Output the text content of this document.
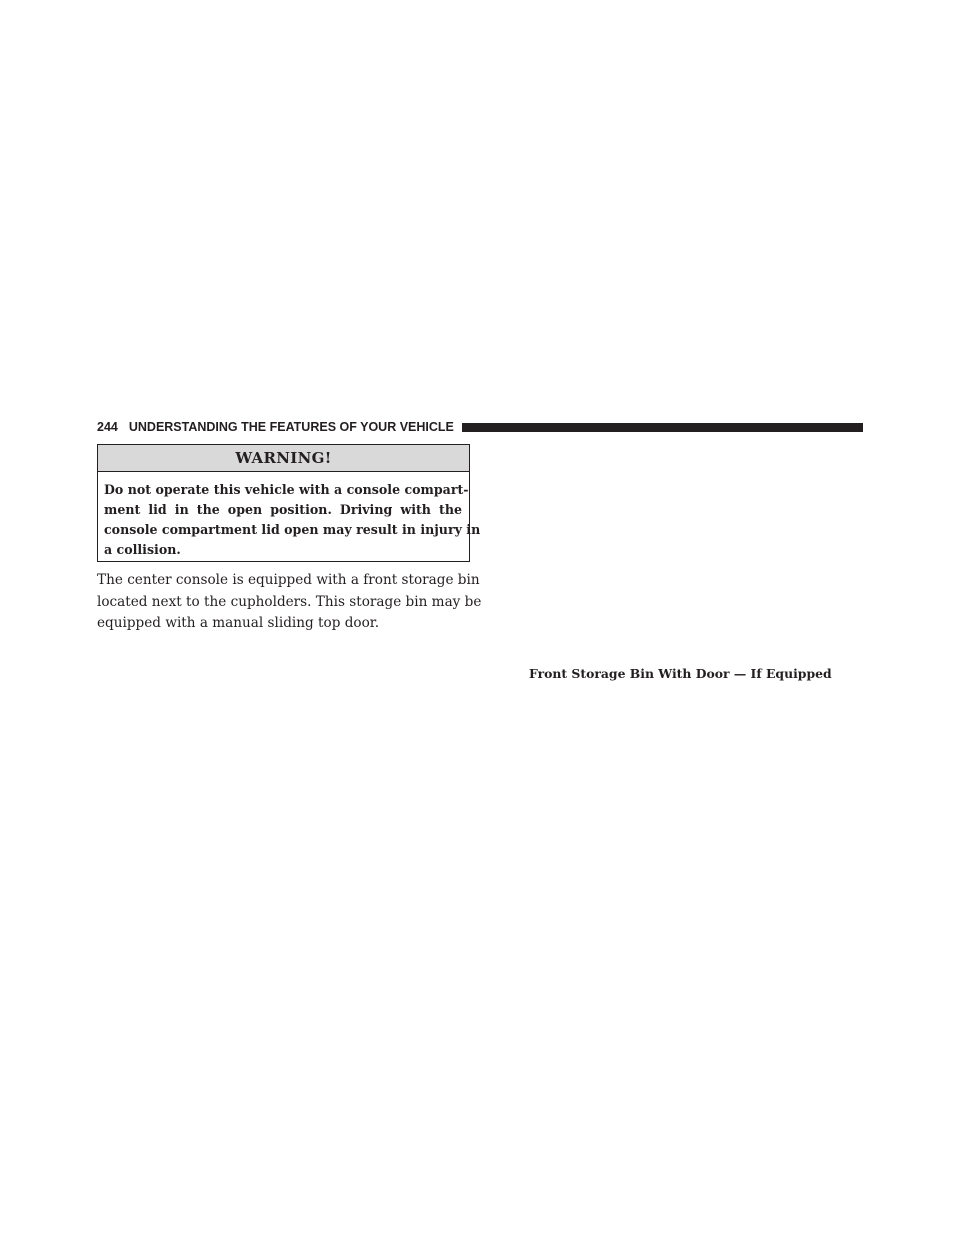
244 UNDERSTANDING THE FEATURES OF YOUR VEHICLE
WARNING!
Do not operate this vehicle with a console compart-
ment lid in the open position. Driving with the
console compartment lid open may result in injury in
a collision.
The center console is equipped with a front storage bin
located next to the cupholders. This storage bin may be
equipped with a manual sliding top door.
Front Storage Bin With Door — If Equipped
